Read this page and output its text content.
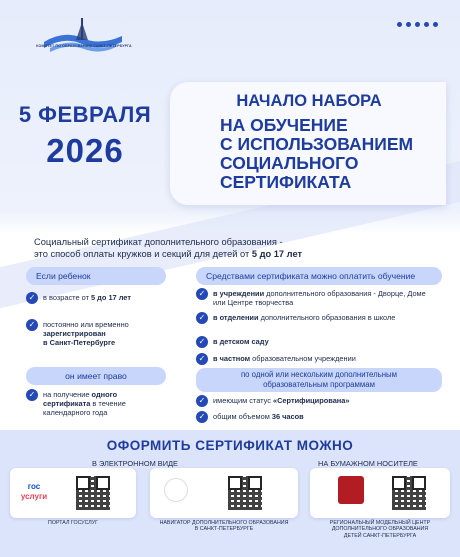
КОМИТЕТ ПО ОБРАЗОВАНИЮ САНКТ-ПЕТЕРБУРГА
5 ФЕВРАЛЯ
2026
НАЧАЛО НАБОРА
НА ОБУЧЕНИЕ
С ИСПОЛЬЗОВАНИЕМ
СОЦИАЛЬНОГО
СЕРТИФИКАТА
Социальный сертификат дополнительного образования -
это способ оплаты кружков и секций для детей от 5 до 17 лет
Если ребенок
✓	в возрасте от 5 до 17 лет
✓	постоянно или временно
зарегистрирован
в Санкт-Петербурге
он имеет право
✓	на получение одного сертификата в течение календарного года
Средствами сертификата можно оплатить обучение
✓	в учреждении дополнительного образования - Дворце, Доме или Центре творчества
✓	в отделении дополнительного образования в школе
✓	в детском саду
✓	в частном образовательном учреждении
по одной или нескольким дополнительным
образовательным программам
✓	имеющим статус «Сертифицирована»
✓	общим объемом 36 часов
ОФОРМИТЬ СЕРТИФИКАТ МОЖНО
В ЭЛЕКТРОННОМ ВИДЕ	НА БУМАЖНОМ НОСИТЕЛЕ
гос
услуги
ПОРТАЛ ГОСУСЛУГ	НАВИГАТОР ДОПОЛНИТЕЛЬНОГО ОБРАЗОВАНИЯ
В САНКТ-ПЕТЕРБУРГЕ
РЕГИОНАЛЬНЫЙ МОДЕЛЬНЫЙ ЦЕНТР
ДОПОЛНИТЕЛЬНОГО ОБРАЗОВАНИЯ
ДЕТЕЙ САНКТ-ПЕТЕРБУРГА
